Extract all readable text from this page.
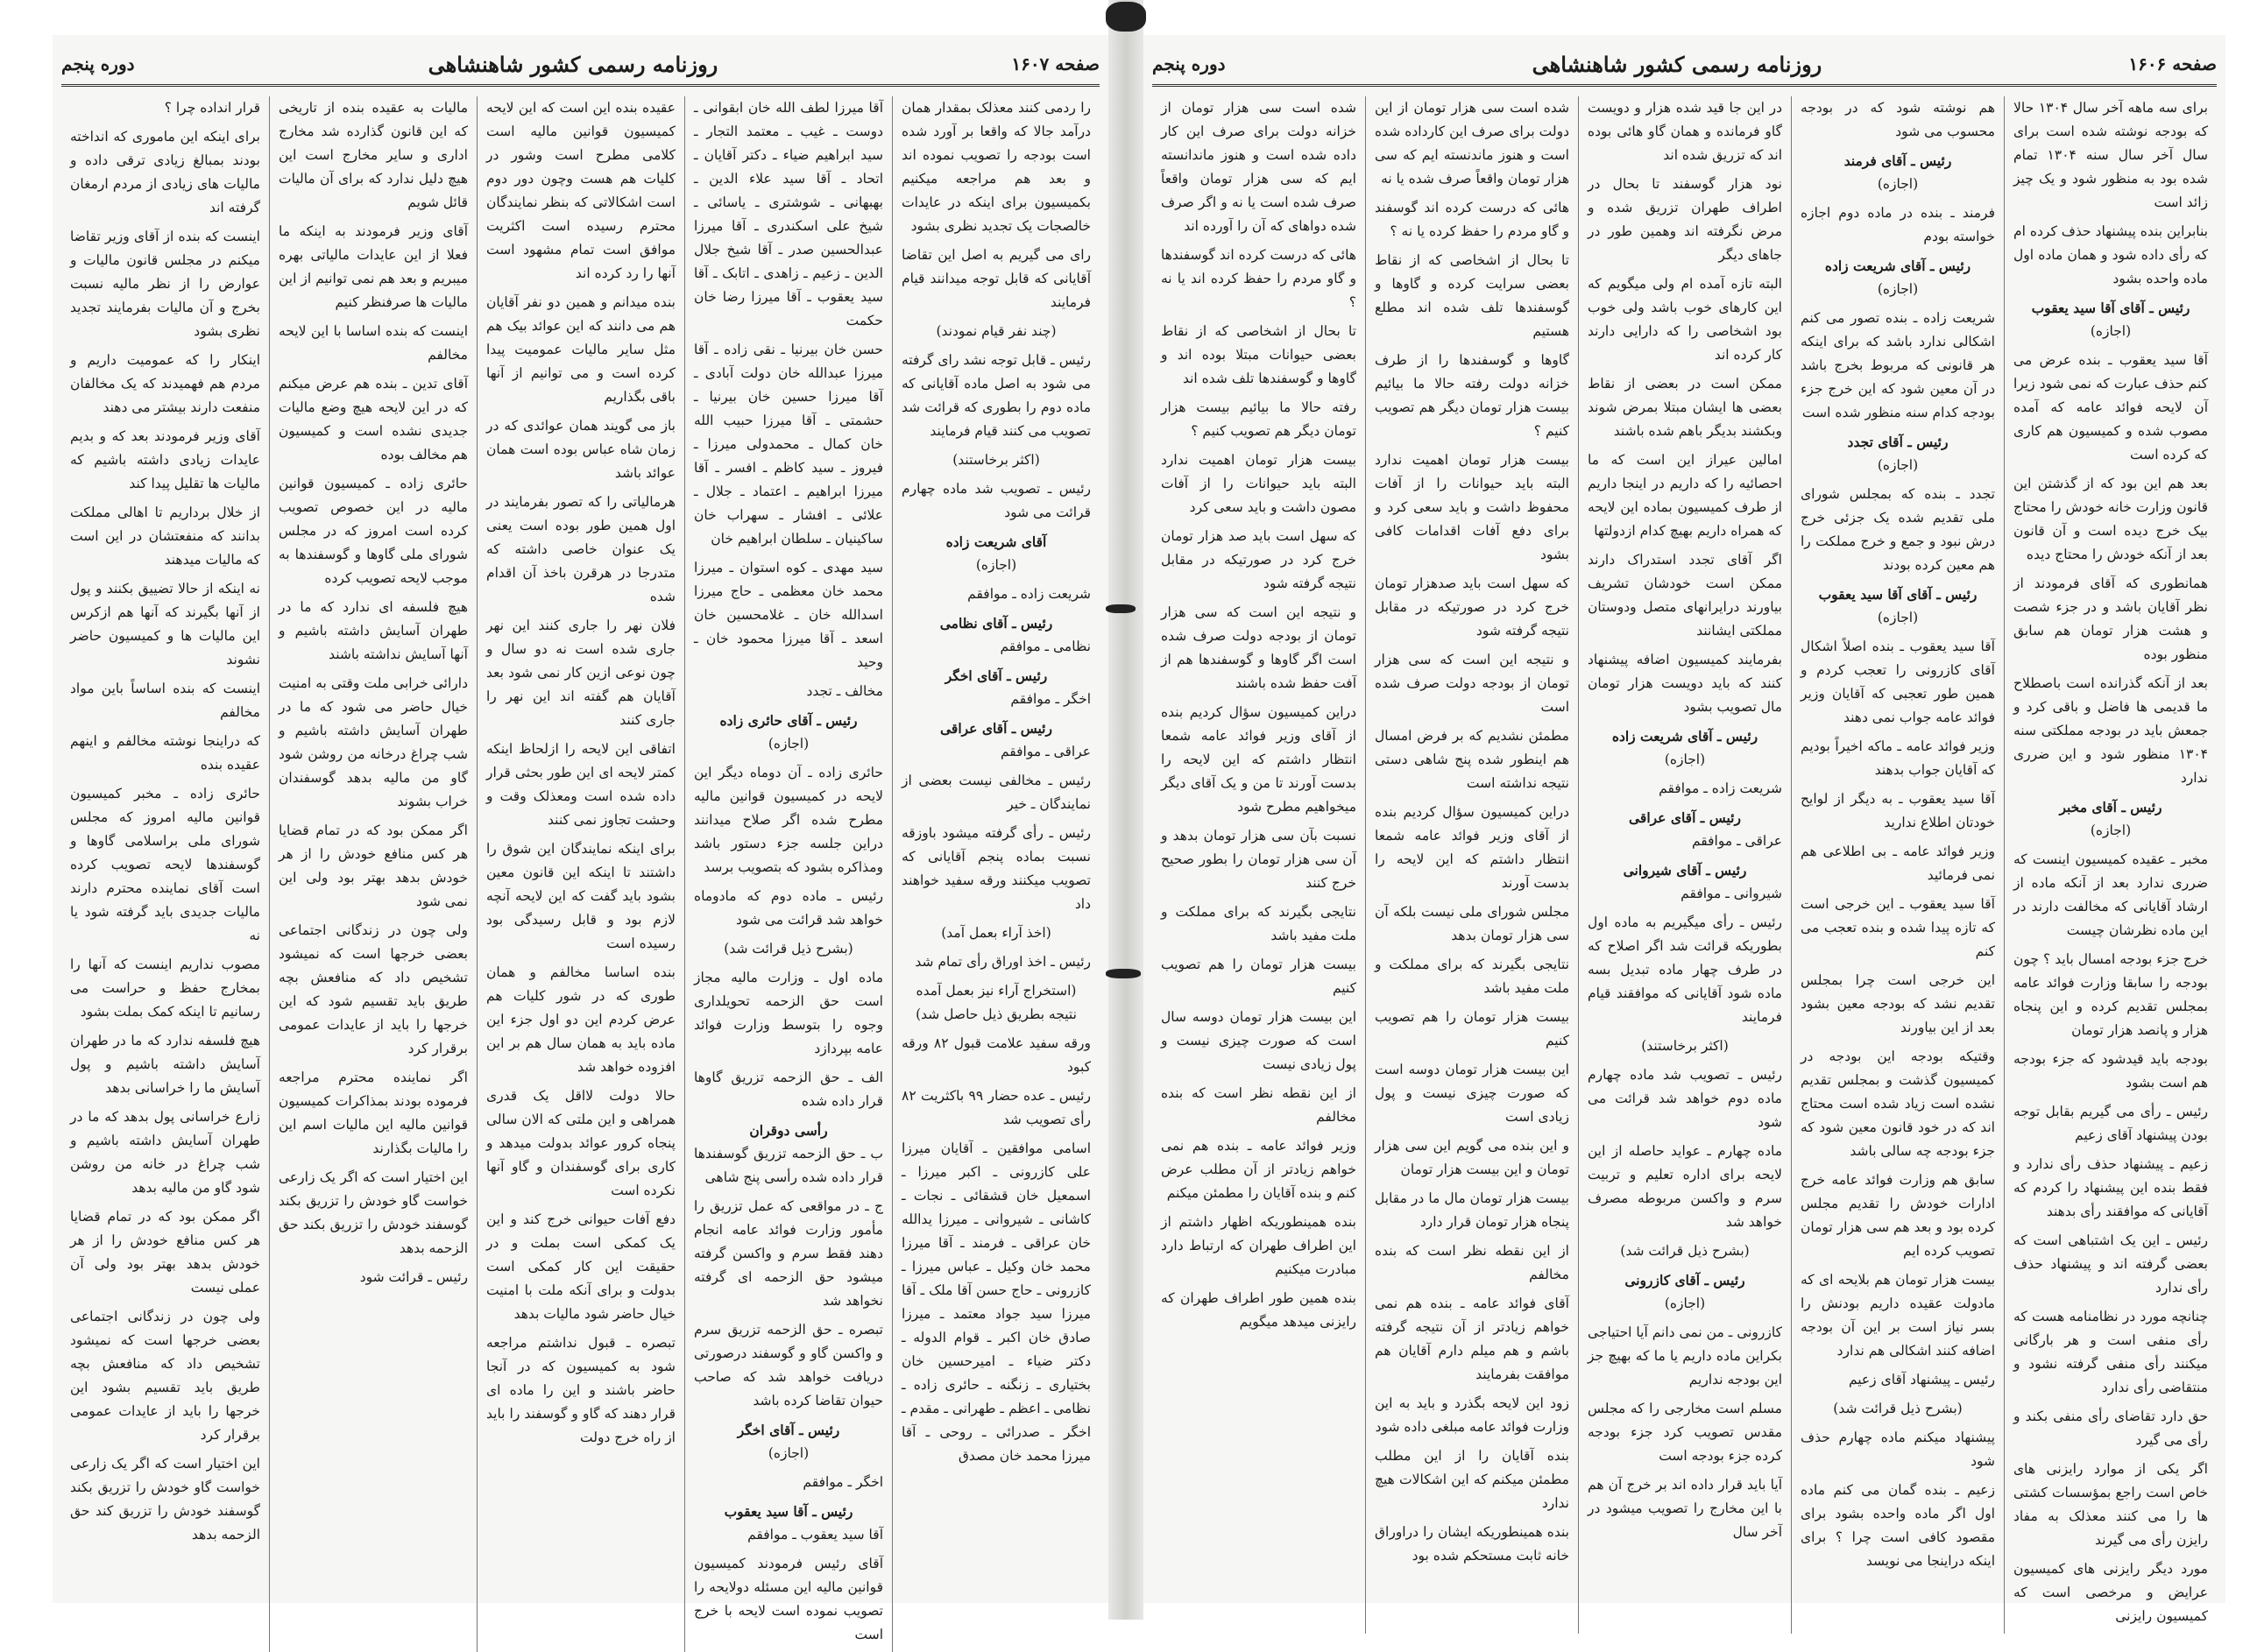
صفحه ۱۶۰۷
روزنامه رسمی کشور شاهنشاهی
دوره پنجم

را ردمی کنند معذلک بمقدار همان درآمد جالا که واقعا بر آورد شده است بودجه را تصویب نموده اند و بعد هم مراجعه میکنیم بکمیسیون برای اینکه در عایدات خالصجات یک تجدید نظری بشود

رای می گیریم به اصل این تقاضا آقایانی که قابل توجه میدانند قیام فرمایند

(چند نفر قیام نمودند)

رئیس ـ قابل توجه نشد رای گرفته می شود به اصل ماده آقایانی که ماده دوم را بطوری که قرائت شد تصویب می کنند قیام فرمایند

(اکثر برخاستند)

رئیس ـ تصویب شد ماده چهارم قرائت می شود

آقای شریعت زاده
(اجازه)

شریعت زاده ـ موافقم

رئیس ـ آقای نظامی

نظامی ـ موافقم

رئیس ـ آقای اخگر

اخگر ـ موافقم

رئیس ـ آقای عراقی

عراقی ـ موافقم

رئیس ـ مخالفی نیست بعضی از نمایندگان ـ خیر

رئیس ـ رأی گرفته میشود باوزقه نسبت بماده پنجم آقایانی که تصویب میکنند ورقه سفید خواهند داد

(اخذ آراء بعمل آمد)

رئیس ـ اخذ اوراق رأی تمام شد

(استخراج آراء نیز بعمل آمده نتیجه بطریق ذیل حاصل شد)

ورقه سفید علامت قبول ۸۲ ورقه کبود

رئیس ـ عده حضار ۹۹ باکثریت ۸۲ رأی تصویب شد

اسامی موافقین ـ آقایان میرزا علی کازرونی ـ اکبر میرزا ـ اسمعیل خان قشقائی ـ نجات ـ کاشانی ـ شیروانی ـ میرزا یدالله خان عراقی ـ فرمند ـ آقا میرزا محمد خان وکیل ـ عباس میرزا ـ کازرونی ـ حاج حسن آقا ملک ـ آقا میرزا سید جواد معتمد ـ میرزا صادق خان اکبر ـ قوام الدوله ـ دکتر ضیاء ـ امیرحسین خان بختیاری ـ زنگنه ـ حائری زاده ـ نظامی ـ اعظم ـ طهرانی ـ مقدم ـ اخگر ـ صدرائی ـ روحی ـ آقا میرزا محمد خان مصدق

آقا میرزا لطف الله خان ابقوانی ـ دوست ـ غیب ـ معتمد التجار ـ سید ابراهیم ضیاء ـ دکتر آقایان ـ اتحاد ـ آقا سید علاء الدین ـ بهبهانی ـ شوشتری ـ یاسائی ـ شیخ علی اسکندری ـ آقا میرزا عبدالحسین صدر ـ آقا شیخ جلال الدین ـ زعیم ـ زاهدی ـ اتابک ـ آقا سید یعقوب ـ آقا میرزا رضا خان حکمت

حسن خان بیرنیا ـ نقی زاده ـ آقا میرزا عبدالله خان دولت آبادی ـ آقا میرزا حسین خان بیرنیا ـ حشمتی ـ آقا میرزا حبیب الله خان کمال ـ محمدولی میرزا ـ فیروز ـ سید کاظم ـ افسر ـ آقا میرزا ابراهیم ـ اعتماد ـ جلال ـ علائی ـ افشار ـ سهراب خان ساکینیان ـ سلطان ابراهیم خان

سید مهدی ـ کوه استوان ـ میرزا محمد خان معظمی ـ حاج میرزا اسدالله خان ـ غلامحسین خان اسعد ـ آقا میرزا محمود خان ـ وحید

مخالف ـ تجدد

رئیس ـ آقای حائری زاده
(اجازه)

حائری زاده ـ آن دوماه دیگر این لایحه در کمیسیون قوانین مالیه مطرح شده اگر صلاح میدانند دراین جلسه جزء دستور باشد ومذاکره بشود که بتصویب برسد

رئیس ـ ماده دوم که مادوماه خواهد شد قرائت می شود

(بشرح ذیل قرائت شد)

ماده اول ـ وزارت مالیه مجاز است حق الزحمه تحویلداری وجوه را بتوسط وزارت فوائد عامه بپردازد

الف ـ حق الزحمه تزریق گاوها قرار داده شده

رأسی دوقران

ب ـ حق الزحمه تزریق گوسفندها قرار داده شده رأسی پنج شاهی

ج ـ در مواقعی که عمل تزریق را مأمور وزارت فوائد عامه انجام دهند فقط سرم و واکسن گرفته میشود حق الزحمه ای گرفته نخواهد شد

تبصره ـ حق الزحمه تزریق سرم و واکسن گاو و گوسفند درصورتی دریافت خواهد شد که صاحب حیوان تقاضا کرده باشد

رئیس ـ آقای اخگر
(اجازه)

اخگر ـ موافقم

رئیس ـ آقا سید یعقوب

آقا سید یعقوب ـ موافقم

آقای رئیس فرمودند کمیسیون قوانین مالیه این مسئله دولایحه را تصویب نموده است لایحه با خرج است

عقیده بنده این است که این لایحه کمیسیون قوانین مالیه است کلامی مطرح است وشور در کلیات هم هست وچون دور دوم است اشکالاتی که بنظر نمایندگان محترم رسیده است اکثریت موافق است تمام مشهود است آنها را رد کرده اند

بنده میدانم و همین دو نفر آقایان هم می دانند که این عوائد بیک هم مثل سایر مالیات عمومیت پیدا کرده است و می توانیم از آنها باقی بگذاریم

باز می گویند همان عوائدی که در زمان شاه عباس بوده است همان عوائد باشد

هرمالیاتی را که تصور بفرمایند در اول همین طور بوده است یعنی یک عنوان خاصی داشته که متدرجا در هرقرن باخذ آن اقدام شده

فلان نهر را جاری کنند این نهر جاری شده است نه دو سال و چون نوعی ازین کار نمی شود بعد آقایان هم گفته اند این نهر را جاری کنند

اتفاقی این لایحه را ازلحاظ اینکه کمتر لایحه ای این طور بحثی قرار داده شده است ومعذلک وقت و وحشت تجاوز نمی کنند

برای اینکه نمایندگان این شوق را داشتند تا اینکه این قانون معین بشود باید گفت که این لایحه آنچه لازم بود و قابل رسیدگی بود رسیده است

بنده اساسا مخالفم و همان طوری که در شور کلیات هم عرض کردم این دو اول جزء این ماده باید به همان سال هم بر این افزوده خواهد شد

حالا دولت لااقل یک قدری همراهی و این ملتی که الان سالی پنجاه کرور عوائد بدولت میدهد و کاری برای گوسفندان و گاو آنها نکرده است

دفع آفات حیوانی خرج کند و این یک کمکی است بملت و در حقیقت این کار کمکی است بدولت و برای آنکه ملت با امنیت خیال حاضر شود مالیات بدهد

تبصره ـ قبول نداشتم مراجعه شود به کمیسیون که در آنجا حاضر باشند و این را ماده ای قرار دهند که گاو و گوسفند را باید از راه خرج دولت

مالیات به عقیده بنده از تاریخی که این قانون گذارده شد مخارج اداری و سایر مخارج است این هیچ دلیل ندارد که برای آن مالیات قائل شویم

آقای وزیر فرمودند به اینکه ما فعلا از این عایدات مالیاتی بهره میبریم و بعد هم نمی توانیم از این مالیات ها صرفنظر کنیم

اینست که بنده اساسا با این لایحه مخالفم

آقای تدین ـ بنده هم عرض میکنم که در این لایحه هیچ وضع مالیات جدیدی نشده است و کمیسیون هم مخالف بوده

حائری زاده ـ کمیسیون قوانین مالیه در این خصوص تصویب کرده است امروز که در مجلس شورای ملی گاوها و گوسفندها به موجب لایحه تصویب کرده

هیچ فلسفه ای ندارد که ما در طهران آسایش داشته باشیم و آنها آسایش نداشته باشند

دارائی خرابی ملت وقتی به امنیت خیال حاضر می شود که ما در طهران آسایش داشته باشیم و شب چراغ درخانه من روشن شود گاو من مالیه بدهد گوسفندان خراب بشوند

اگر ممکن بود که در تمام قضایا هر کس منافع خودش را از هر خودش بدهد بهتر بود ولی این نمی شود

ولی چون در زندگانی اجتماعی بعضی خرجها است که نمیشود تشخیص داد که منافعش بچه طریق باید تقسیم شود که این خرجها را باید از عایدات عمومی برقرار کرد

اگر نماینده محترم مراجعه فرموده بودند بمذاکرات کمیسیون قوانین مالیه این مالیات اسم این را مالیات بگذارند

این اختیار است که اگر یک زارعی خواست گاو خودش را تزریق بکند گوسفند خودش را تزریق بکند حق الزحمه بدهد

رئیس ـ قرائت شود

قرار انداده چرا ؟

برای اینکه این ماموری که انداخته بودند بمبالغ زیادی ترقی داده و مالیات های زیادی از مردم ارمغان گرفته اند

اینست که بنده از آقای وزیر تقاضا میکنم در مجلس قانون مالیات و عوارض را از نظر مالیه نسبت بخرج و آن مالیات بفرمایند تجدید نظری بشود

اینکار را که عمومیت داریم و مردم هم فهمیدند که یک مخالفان منفعت دارند بیشتر می دهند

آقای وزیر فرمودند بعد که و بدیم عایدات زیادی داشته باشیم که مالیات ها تقلیل پیدا کند

از خلال برداریم تا اهالی مملکت بدانند که منفعتشان در این است که مالیات میدهند

نه اینکه از حالا تضییق بکنند و پول از آنها بگیرند که آنها هم ازکرس این مالیات ها و کمیسیون حاضر نشوند

اینست که بنده اساساً باین مواد مخالفم

که دراینجا نوشته مخالفم و اینهم عقیده بنده

حائری زاده ـ مخبر کمیسیون قوانین مالیه امروز که مجلس شورای ملی براسلامی گاوها و گوسفندها لایحه تصویب کرده است آقای نماینده محترم دارند مالیات جدیدی باید گرفته شود یا نه

مصوب نداریم اینست که آنها را بمخارج حفظ و حراست می رسانیم تا اینکه کمک بملت بشود

هیچ فلسفه ندارد که ما در طهران آسایش داشته باشیم و پول آسایش ما را خراسانی بدهد

زارع خراسانی پول بدهد که ما در طهران آسایش داشته باشیم و شب چراغ در خانه من روشن شود گاو من مالیه بدهد

اگر ممکن بود که در تمام قضایا هر کس منافع خودش را از هر خودش بدهد بهتر بود ولی آن عملی نیست

ولی چون در زندگانی اجتماعی بعضی خرجها است که نمیشود تشخیص داد که منافعش بچه طریق باید تقسیم بشود این خرجها را باید از عایدات عمومی برقرار کرد

این اختیار است که اگر یک زارعی خواست گاو خودش را تزریق بکند گوسفند خودش را تزریق کند حق الزحمه بدهد

صفحه ۱۶۰۶
روزنامه رسمی کشور شاهنشاهی
دوره پنجم

برای سه ماهه آخر سال ۱۳۰۴ حالا که بودجه نوشته شده است برای سال آخر سال سنه ۱۳۰۴ تمام شده بود به منظور شود و یک چیز زائد است

بنابراین بنده پیشنهاد حذف کرده ام که رأی داده شود و همان ماده اول ماده واحده بشود

رئیس ـ آقای آقا سید یعقوب
(اجازه)

آقا سید یعقوب ـ بنده عرض می کنم حذف عبارت که نمی شود زیرا آن لایحه فوائد عامه که آمده مصوب شده و کمیسیون هم کاری که کرده است

بعد هم این بود که از گذشتن این قانون وزارت خانه خودش را محتاج بیک خرج دیده است و آن قانون بعد از آنکه خودش را محتاج دیده

همانطوری که آقای فرمودند از نظر آقایان باشد و در جزء شصت و هشت هزار تومان هم سابق منظور بوده

بعد از آنکه گذرانده است باصطلاح ما قدیمی ها فاضل و باقی کرد و جمعش باید در بودجه مملکتی سنه ۱۳۰۴ منظور شود و این ضرری ندارد

رئیس ـ آقای مخبر
(اجازه)

مخبر ـ عقیده کمیسیون اینست که ضرری ندارد بعد از آنکه ماده از ارشاد آقایانی که مخالفت دارند در این ماده نظرشان چیست

خرج جزء بودجه امسال باید ؟ چون بودجه را سابقا وزارت فوائد عامه بمجلس تقدیم کرده و این پنجاه هزار و پانصد هزار تومان

بودجه باید قیدشود که جزء بودجه هم است بشود

رئیس ـ رأی می گیریم بقابل توجه بودن پیشنهاد آقای زعیم

زعیم ـ پیشنهاد حذف رأی ندارد و فقط بنده این پیشنهاد را کردم که آقایانی که موافقند رأی بدهند

رئیس ـ این یک اشتباهی است که بعضی گرفته اند و پیشنهاد حذف رأی ندارد

چنانچه مورد در نظامنامه هست که رأی منفی است و هر بارگانی میکنند رأی منفی گرفته نشود و منتقاضی رأی ندارد

حق دارد تقاضای رأی منفی بکند و رأی می گیرد

اگر یکی از موارد رایزنی های خاص است راجع بمؤسسات کشتی ها را می کنند معذلک به مفاد رایزن رأی می گیرند

مورد دیگر رایزنی های کمیسیون عرایض و مرخصی است که کمیسیون رایزنی

هم نوشته شود که در بودجه محسوب می شود

رئیس ـ آقای فرمند
(اجازه)

فرمند ـ بنده در ماده دوم اجازه خواسته بودم

رئیس ـ آقای شریعت زاده
(اجازه)

شریعت زاده ـ بنده تصور می کنم اشکالی ندارد باشد که برای اینکه هر قانونی که مربوط بخرج باشد در آن معین شود که این خرج جزء بودجه کدام سنه منظور شده است

رئیس ـ آقای تجدد
(اجازه)

تجدد ـ بنده که بمجلس شورای ملی تقدیم شده یک جزئی خرج درش نبود و جمع و خرج مملکت را هم معین کرده بودند

رئیس ـ آقای آقا سید یعقوب
(اجازه)

آقا سید یعقوب ـ بنده اصلاً اشکال آقای کازرونی را تعجب کردم و همین طور تعجبی که آقایان وزیر فوائد عامه جواب نمی دهند

وزیر فوائد عامه ـ ماکه اخیراً بودیم که آقایان جواب بدهند

آقا سید یعقوب ـ به دیگر از لوایح خودتان اطلاع ندارید

وزیر فوائد عامه ـ بی اطلاعی هم نمی فرمائید

آقا سید یعقوب ـ این خرجی است که تازه پیدا شده و بنده تعجب می کنم

این خرجی است چرا بمجلس تقدیم نشد که بودجه معین بشود بعد از این بیاورند

وقتیکه بودجه این بودجه در کمیسیون گذشت و بمجلس تقدیم نشده است زیاد شده است محتاج اند که در خود قانون معین شود که جزء بودجه چه سالی باشد

سابق هم وزارت فوائد عامه خرج ادارات خودش را تقدیم مجلس کرده بود و بعد هم سی هزار تومان تصویب کرده ایم

بیست هزار تومان هم بلایحه ای که مادولت عقیده داریم بودنش را بسر نیاز است بر این آن بودجه اضافه کنند اشکالی هم ندارد

رئیس ـ پیشنهاد آقای زعیم

(بشرح ذیل قرائت شد)

پیشنهاد میکنم ماده چهارم حذف شود

زعیم ـ بنده گمان می کنم ماده اول اگر ماده واحده بشود برای مقصود کافی است چرا ؟ برای اینکه دراینجا می نویسد

در این جا قید شده هزار و دویست گاو فرمانده و همان گاو هائی بوده اند که تزریق شده اند

نود هزار گوسفند تا بحال در اطراف طهران تزریق شده و مرض نگرفته اند وهمین طور در جاهای دیگر

البته تازه آمده ام ولی میگویم که این کارهای خوب باشد ولی خوب بود اشخاصی را که دارایی دارند کار کرده اند

ممکن است در بعضی از نقاط بعضی ها ایشان مبتلا بمرض شوند وبکشند بدیگر باهم شده باشند

امالین عیراز این است که ما احصائیه را که داریم در اینجا داریم از طرف کمیسیون بماده این لایحه که همراه داریم بهیچ کدام ازدولتها

اگر آقای تجدد استدراک دارند ممکن است خودشان تشریف بیاورند درایرانهای متصل ودوستان مملکتی ایشانند

بفرمایند کمیسیون اضافه پیشنهاد کنند که باید دویست هزار تومان مال تصویب بشود

رئیس ـ آقای شریعت زاده
(اجازه)

شریعت زاده ـ موافقم

رئیس ـ آقای عراقی

عراقی ـ موافقم

رئیس ـ آقای شیروانی

شیروانی ـ موافقم

رئیس ـ رأی میگیریم به ماده اول بطوریکه قرائت شد اگر اصلاح که در طرف چهار ماده تبدیل بسه ماده شود آقایانی که موافقند قیام فرمایند

(اکثر برخاستند)

رئیس ـ تصویب شد ماده چهارم ماده دوم خواهد شد قرائت می شود

ماده چهارم ـ عواید حاصله از این لایحه برای اداره تعلیم و تربیت سرم و واکسن مربوطه مصرف خواهد شد

(بشرح ذیل قرائت شد)
رئیس ـ آقای کازرونی
(اجازه)

کازرونی ـ من نمی دانم آیا احتیاجی بکراین ماده داریم یا ما که بهیچ جز این بودجه نداریم

مسلم است مخارجی را که مجلس مقدس تصویب کرد جزء بودجه کرده جزء بودجه است

آیا باید قرار داده اند بر خرج آن هم با این مخارج را تصویب میشود در آخر سال

شده است سی هزار تومان از این دولت برای صرف این کارداده شده است و هنوز ماندنسته ایم که سی هزار تومان واقعاً صرف شده یا نه

هائی که درست کرده اند گوسفند و گاو مردم را حفظ کرده یا نه ؟

تا بحال از اشخاصی که از نقاط بعضی سرایت کرده و گاوها و گوسفندها تلف شده اند مطلع هستیم

گاوها و گوسفندها را از طرف خزانه دولت رفته حالا ما بیائیم بیست هزار تومان دیگر هم تصویب کنیم ؟

بیست هزار تومان اهمیت ندارد البته باید حیوانات را از آفات محفوظ داشت و باید سعی کرد و برای دفع آفات اقدامات کافی بشود

که سهل است باید صدهزار تومان خرج کرد در صورتیکه در مقابل نتیجه گرفته شود

و نتیجه این است که سی هزار تومان از بودجه دولت صرف شده است

مطمئن نشدیم که بر فرض امسال هم اینطور شده پنج شاهی دستی نتیجه نداشته است

دراین کمیسیون سؤال کردیم بنده از آقای وزیر فوائد عامه شمعا انتظار داشتم که این لایحه را بدست آورند

مجلس شورای ملی نیست بلکه آن سی هزار تومان بدهد

نتایجی بگیرند که برای مملکت و ملت مفید باشد

بیست هزار تومان را هم تصویب کنیم

این بیست هزار تومان دوسه است که صورت چیزی نیست و پول زیادی است

و این بنده می گویم این سی هزار تومان و این بیست هزار تومان

بیست هزار تومان مال ما در مقابل پنجاه هزار تومان قرار دارد

از این نقطه نظر است که بنده مخالفم

آقای فوائد عامه ـ بنده هم نمی خواهم زیادتر از آن نتیجه گرفته باشم و هم میلم دارم آقایان هم موافقت بفرمایند

زود این لایحه بگذرد و باید به این وزارت فوائد عامه مبلغی داده شود

بنده آقایان را از این مطلب مطمئن میکنم که این اشکالات هیچ ندارد

بنده همینطوریکه ایشان را دراوراق خانه ثابت مستحکم شده بود

شده است سی هزار تومان از خزانه دولت برای صرف این کار داده شده است و هنوز ماندانسته ایم که سی هزار تومان واقعاً صرف شده است یا نه و اگر صرف شده دواهای که آن را آورده اند

هائی که درست کرده اند گوسفندها و گاو مردم را حفظ کرده اند یا نه ؟

تا بحال از اشخاصی که از نقاط بعضی حیوانات مبتلا بوده اند و گاوها و گوسفندها تلف شده اند

رفته حالا ما بیائیم بیست هزار تومان دیگر هم تصویب کنیم ؟

بیست هزار تومان اهمیت ندارد البته باید حیوانات را از آفات مصون داشت و باید سعی کرد

که سهل است باید صد هزار تومان خرج کرد در صورتیکه در مقابل نتیجه گرفته شود

و نتیجه این است که سی هزار تومان از بودجه دولت صرف شده است اگر گاوها و گوسفندها هم از آفت حفظ شده باشند

دراین کمیسیون سؤال کردیم بنده از آقای وزیر فوائد عامه شمعا انتظار داشتم که این لایحه را بدست آورند تا من و یک آقای دیگر میخواهیم مطرح شود

نسبت بآن سی هزار تومان بدهد و آن سی هزار تومان را بطور صحیح خرج کنند

نتایجی بگیرند که برای مملکت و ملت مفید باشد

بیست هزار تومان را هم تصویب کنیم

این بیست هزار تومان دوسه سال است که صورت چیزی نیست و پول زیادی نیست

از این نقطه نظر است که بنده مخالفم

وزیر فوائد عامه ـ بنده هم نمی خواهم زیادتر از آن مطلب عرض کنم و بنده آقایان را مطمئن میکنم

بنده همینطوریکه اظهار داشتم از این اطراف طهران که ارتباط دارد مبادرت میکنیم

بنده همین طور اطراف طهران که رایزنی میدهد میگویم
